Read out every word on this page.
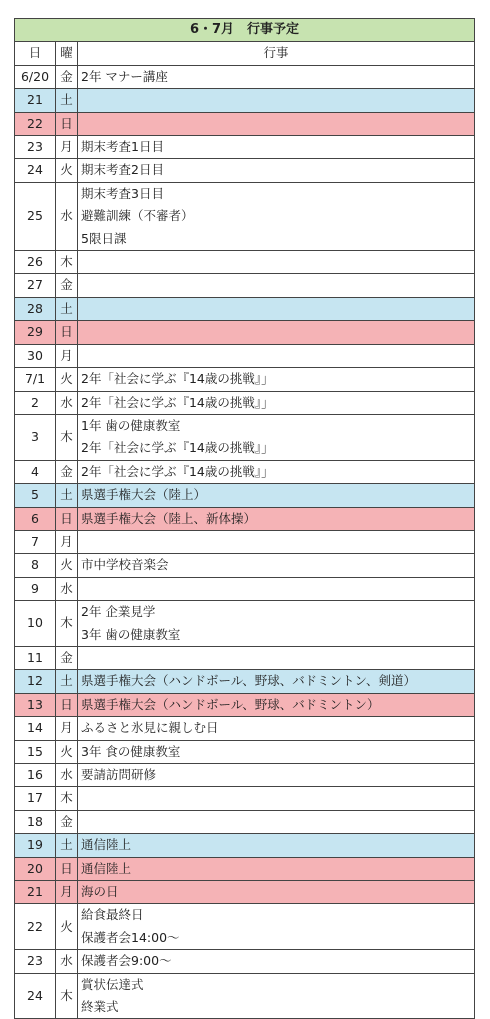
6・7月　行事予定		
日	曜	行事
6/20	金	2年 マナー講座

21	土	

22	日	

23	月	期末考査1日目

24	火	期末考査2日目

25	水	期末考査3日目
避難訓練（不審者）
5限日課

26	木	

27	金	

28	土	

29	日	

30	月	

7/1	火	2年「社会に学ぶ『14歳の挑戦』」

2	水	2年「社会に学ぶ『14歳の挑戦』」

3	木	1年 歯の健康教室
2年「社会に学ぶ『14歳の挑戦』」

4	金	2年「社会に学ぶ『14歳の挑戦』」

5	土	県選手権大会（陸上）

6	日	県選手権大会（陸上、新体操）

7	月	

8	火	市中学校音楽会

9	水	

10	木	2年 企業見学
3年 歯の健康教室

11	金	

12	土	県選手権大会（ハンドボール、野球、バドミントン、剣道）

13	日	県選手権大会（ハンドボール、野球、バドミントン）

14	月	ふるさと氷見に親しむ日

15	火	3年 食の健康教室

16	水	要請訪問研修

17	木	

18	金	

19	土	通信陸上

20	日	通信陸上

21	月	海の日

22	火	給食最終日
保護者会14:00～

23	水	保護者会9:00～

24	木	賞状伝達式
終業式
